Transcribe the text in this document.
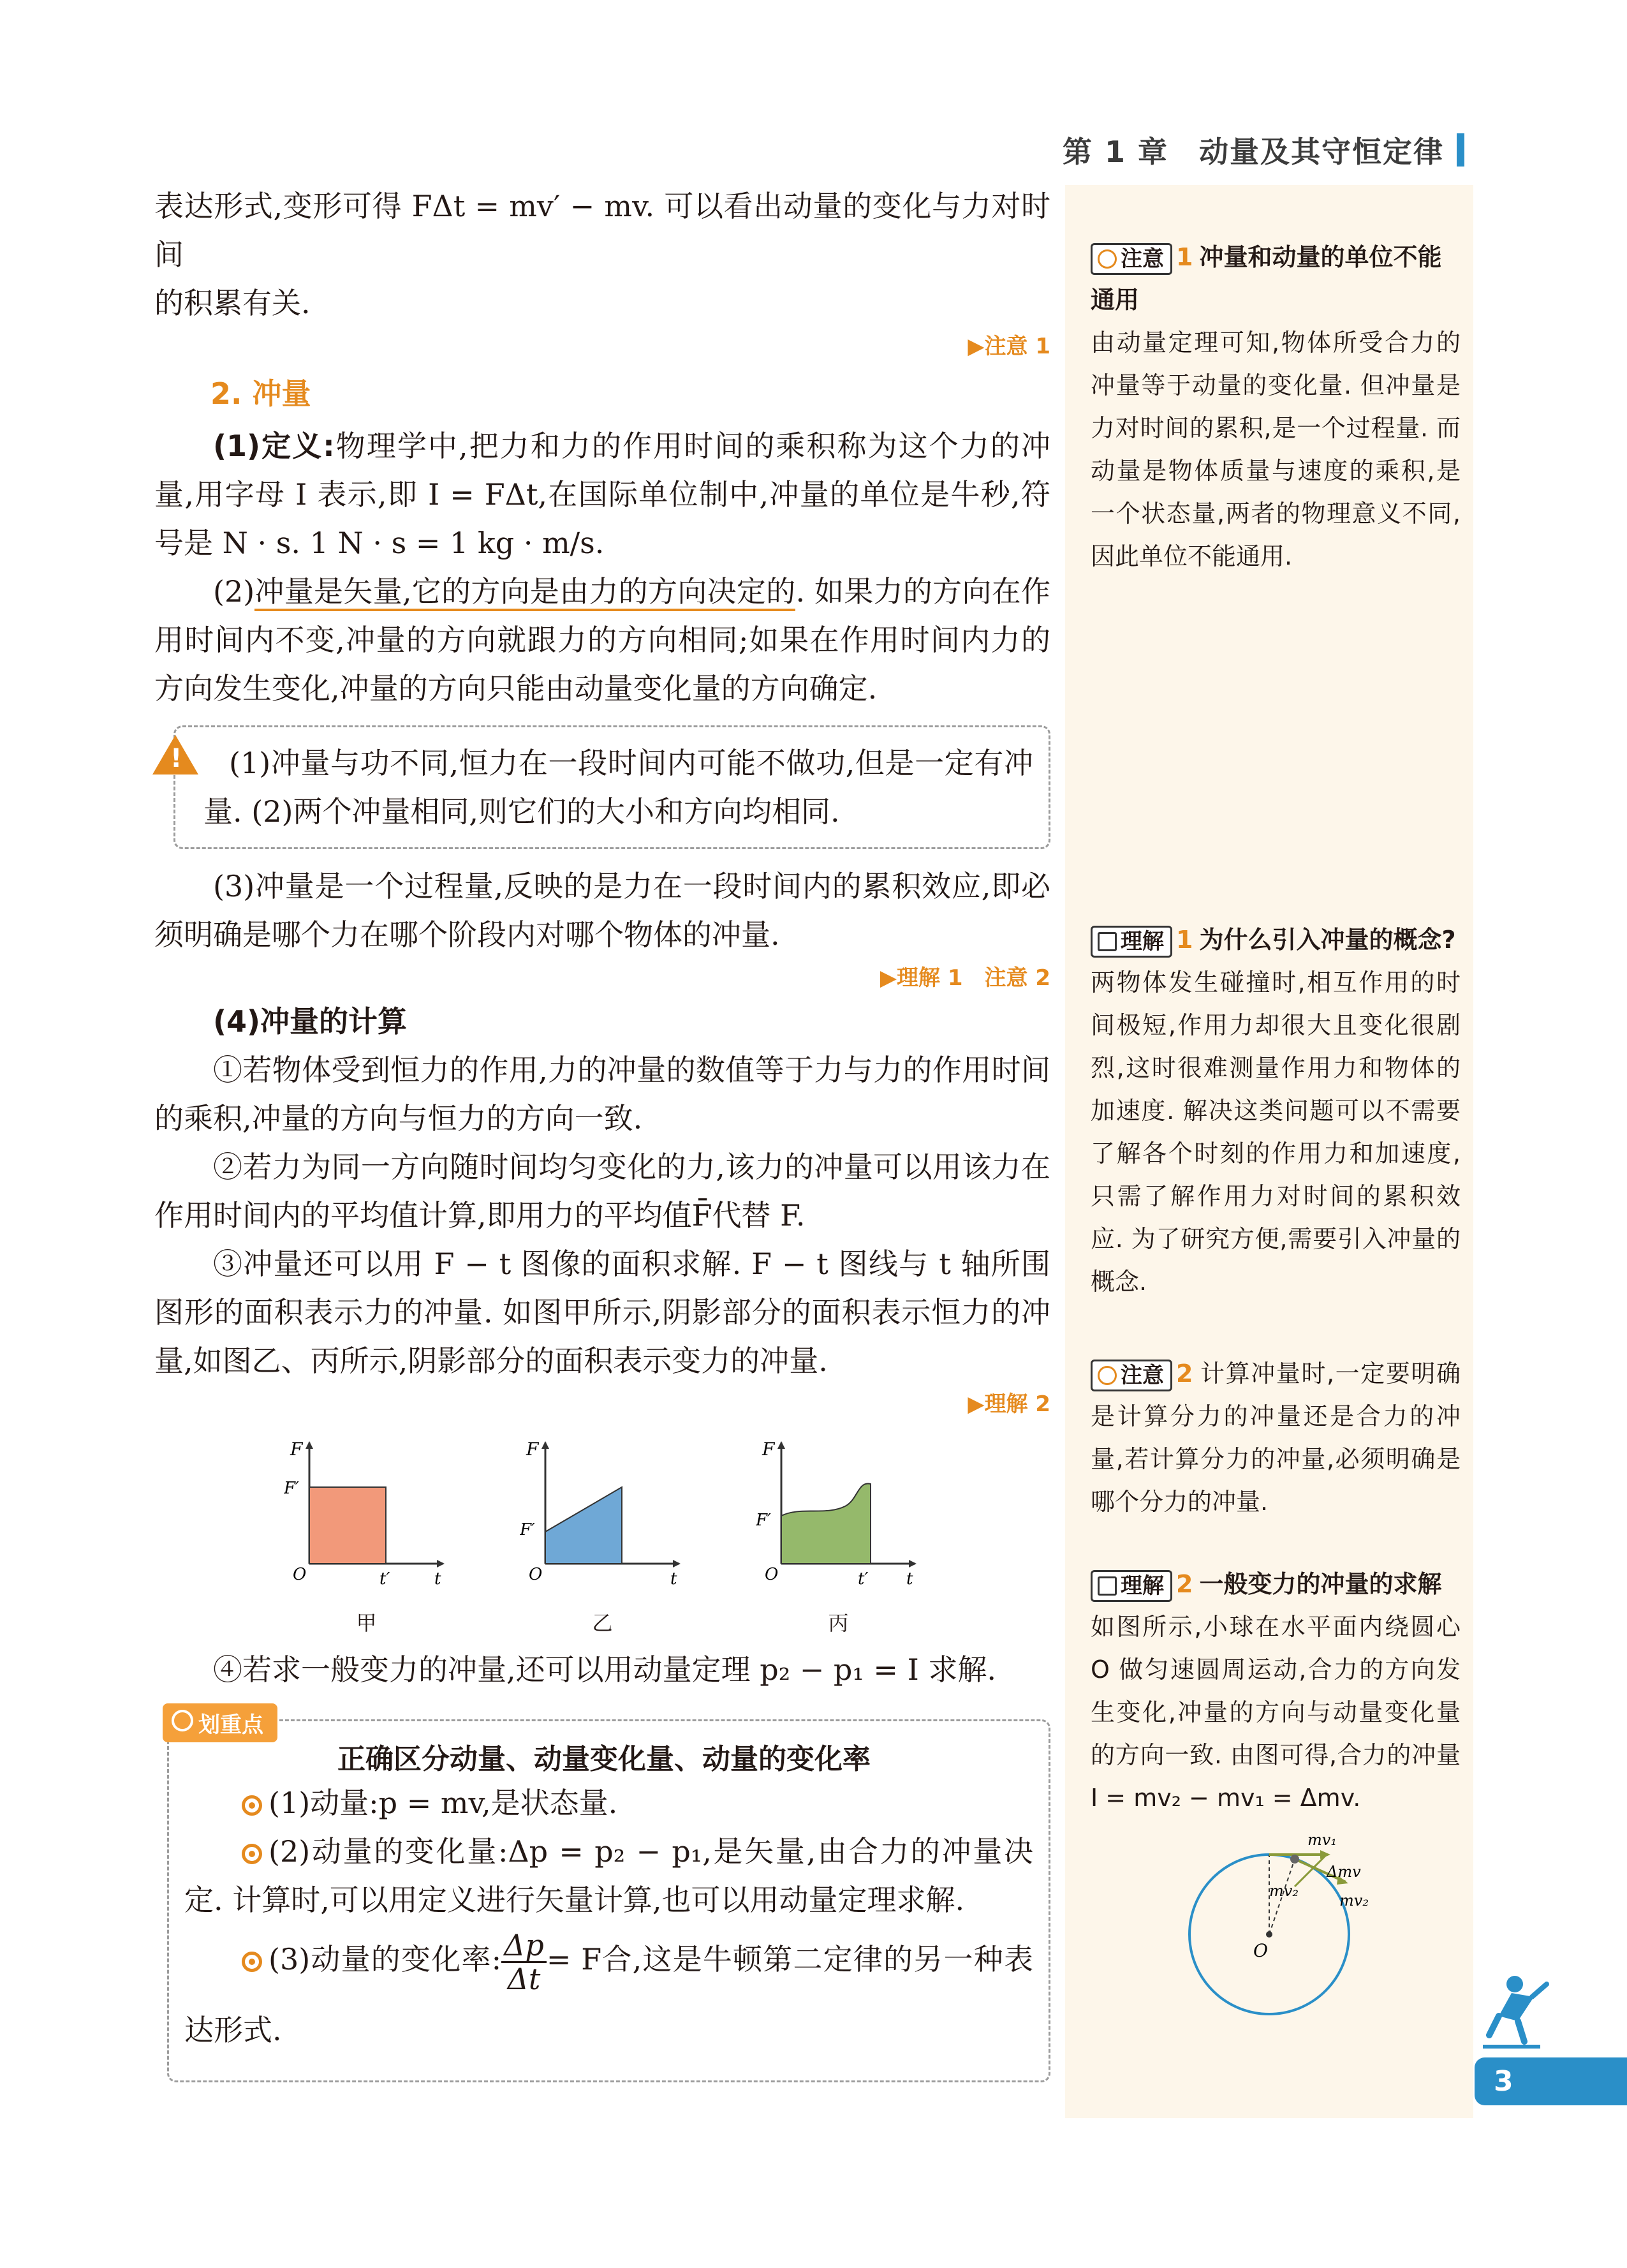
第 1 章　动量及其守恒定律

表达形式,变形可得 FΔt = mv′ − mv. 可以看出动量的变化与力对时间

的积累有关.

▶注意 1
2. 冲量

(1)定义:物理学中,把力和力的作用时间的乘积称为这个力的冲量,用字母 I 表示,即 I = FΔt,在国际单位制中,冲量的单位是牛秒,符号是 N · s. 1 N · s = 1 kg · m/s.

(2)冲量是矢量,它的方向是由力的方向决定的. 如果力的方向在作用时间内不变,冲量的方向就跟力的方向相同;如果在作用时间内力的方向发生变化,冲量的方向只能由动量变化量的方向确定.

!	(1)冲量与功不同,恒力在一段时间内可能不做功,但是一定有冲量. (2)两个冲量相同,则它们的大小和方向均相同.

(3)冲量是一个过程量,反映的是力在一段时间内的累积效应,即必须明确是哪个力在哪个阶段内对哪个物体的冲量.

▶理解 1　注意 2

(4)冲量的计算

①若物体受到恒力的作用,力的冲量的数值等于力与力的作用时间的乘积,冲量的方向与恒力的方向一致.

②若力为同一方向随时间均匀变化的力,该力的冲量可以用该力在作用时间内的平均值计算,即用力的平均值F̄代替 F.

③冲量还可以用 F − t 图像的面积求解. F − t 图线与 t 轴所围图形的面积表示力的冲量. 如图甲所示,阴影部分的面积表示恒力的冲量,如图乙、丙所示,阴影部分的面积表示变力的冲量.

▶理解 2
F
F′
O	t′	t
甲
F
F′
O	t
乙
F
F′
O	t′ t
丙

④若求一般变力的冲量,还可以用动量定理 p₂ − p₁ = I 求解.

划重点
正确区分动量、动量变化量、动量的变化率

(1)动量:p = mv,是状态量.

(2)动量的变化量:Δp = p₂ − p₁,是矢量,由合力的冲量决定. 计算时,可以用定义进行矢量计算,也可以用动量定理求解.

(3)动量的变化率: $\frac{\Delta p}{\Delta t} = F$合,这是牛顿第二定律的另一种表达形式.

注意 1 冲量和动量的单位不能通用

由动量定理可知,物体所受合力的冲量等于动量的变化量. 但冲量是力对时间的累积,是一个过程量. 而动量是物体质量与速度的乘积,是一个状态量,两者的物理意义不同,因此单位不能通用.

理解 1 为什么引入冲量的概念?

两物体发生碰撞时,相互作用的时间极短,作用力却很大且变化很剧烈,这时很难测量作用力和物体的加速度. 解决这类问题可以不需要了解各个时刻的作用力和加速度,只需了解作用力对时间的累积效应. 为了研究方便,需要引入冲量的概念.

注意 2 计算冲量时,一定要明确是计算分力的冲量还是合力的冲量,若计算分力的冲量,必须明确是哪个分力的冲量.

理解 2 一般变力的冲量的求解

如图所示,小球在水平面内绕圆心 O 做匀速圆周运动,合力的方向发生变化,冲量的方向与动量变化量的方向一致. 由图可得,合力的冲量 I = mv₂ − mv₁ = Δmv.

mv₁
Δmv
mv₂
mv₂
O
3
